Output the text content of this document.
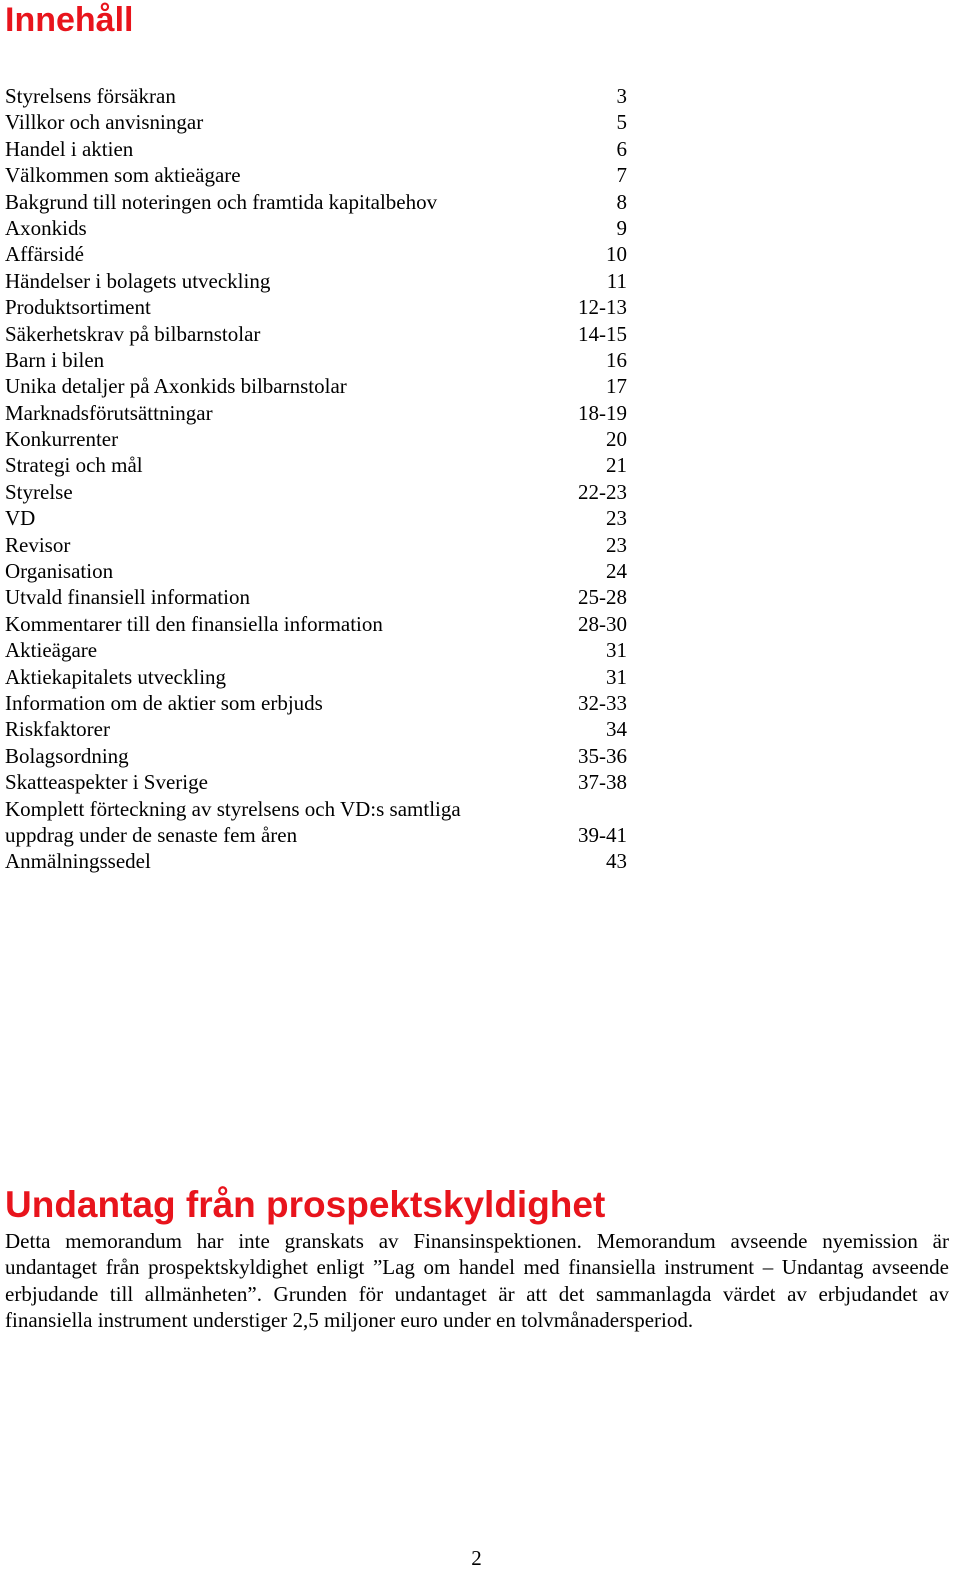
Innehåll
Styrelsens försäkran	3
Villkor och anvisningar	5
Handel i aktien	6
Välkommen som aktieägare	7
Bakgrund till noteringen och framtida kapitalbehov	8
Axonkids	9
Affärsidé	10
Händelser i bolagets utveckling	11
Produktsortiment	12-13
Säkerhetskrav på bilbarnstolar	14-15
Barn i bilen	16
Unika detaljer på Axonkids bilbarnstolar	17
Marknadsförutsättningar	18-19
Konkurrenter	20
Strategi och mål	21
Styrelse	22-23
VD	23
Revisor	23
Organisation	24
Utvald finansiell information	25-28
Kommentarer till den finansiella information	28-30
Aktieägare	31
Aktiekapitalets utveckling	31
Information om de aktier som erbjuds	32-33
Riskfaktorer	34
Bolagsordning	35-36
Skatteaspekter i Sverige	37-38
Komplett förteckning av styrelsens och VD:s samtliga uppdrag under de senaste fem åren	39-41
Anmälningssedel	43
Undantag från prospektskyldighet

Detta memorandum har inte granskats av Finansinspektionen. Memorandum avseende nyemission är undantaget från prospektskyldighet enligt ”Lag om handel med finansiella instrument – Undantag avseende erbjudande till allmänheten”. Grunden för undantaget är att det sammanlagda värdet av erbjudandet av finansiella instrument understiger 2,5 miljoner euro under en tolvmånadersperiod.

2
